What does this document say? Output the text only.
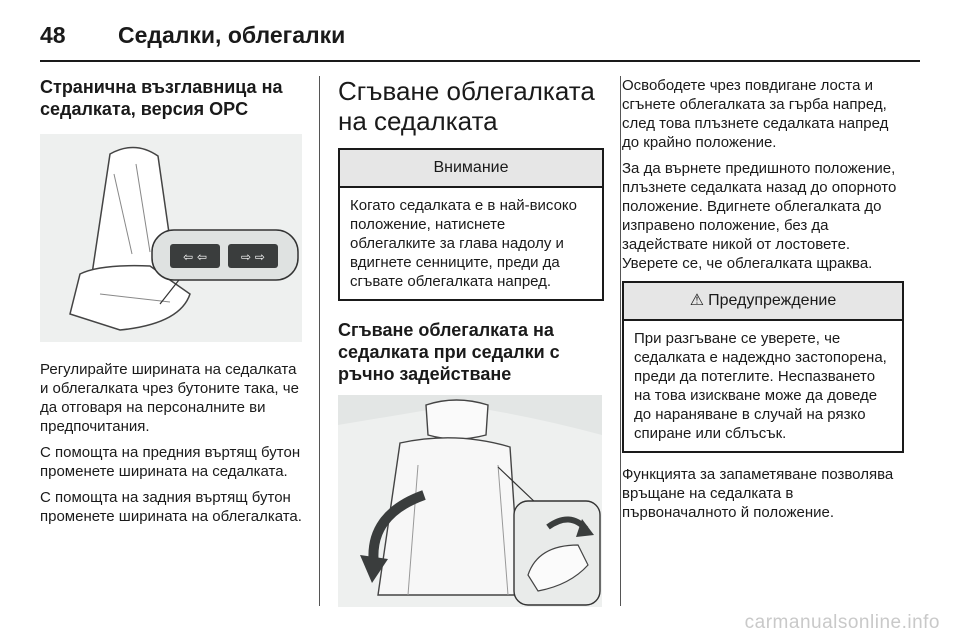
48 Седалки, облегалки
Странична възглавница на седалката, версия OPC
⇦ ⇦	⇨ ⇨

Регулирайте ширината на седалката и облегалката чрез бутоните така, че да отговаря на персоналните ви предпочитания.

С помощта на предния въртящ бутон променете ширината на седалката.

С помощта на задния въртящ бутон променете ширината на облегалката.

Сгъване облегалката на седалката
Внимание

Когато седалката е в най-високо положение, натиснете облегалките за глава надолу и вдигнете сенниците, преди да сгъвате облегалката напред.

Сгъване облегалката на седалката при седалки с ръчно задействане

Освободете чрез повдигане лоста и сгънете облегалката за гърба напред, след това плъзнете седалката напред до крайно положение.

За да върнете предишното положение, плъзнете седалката назад до опорното положение. Вдигнете облегалката до изправено положение, без да задействате никой от лостовете. Уверете се, че облегалката щраква.

⚠ Предупреждение

При разгъване се уверете, че седалката е надеждно застопорена, преди да потеглите. Неспазването на това изискване може да доведе до нараняване в случай на рязко спиране или сблъсък.

Функцията за запаметяване позволява връщане на седалката в първоначалното й положение.

carmanualsonline.info
